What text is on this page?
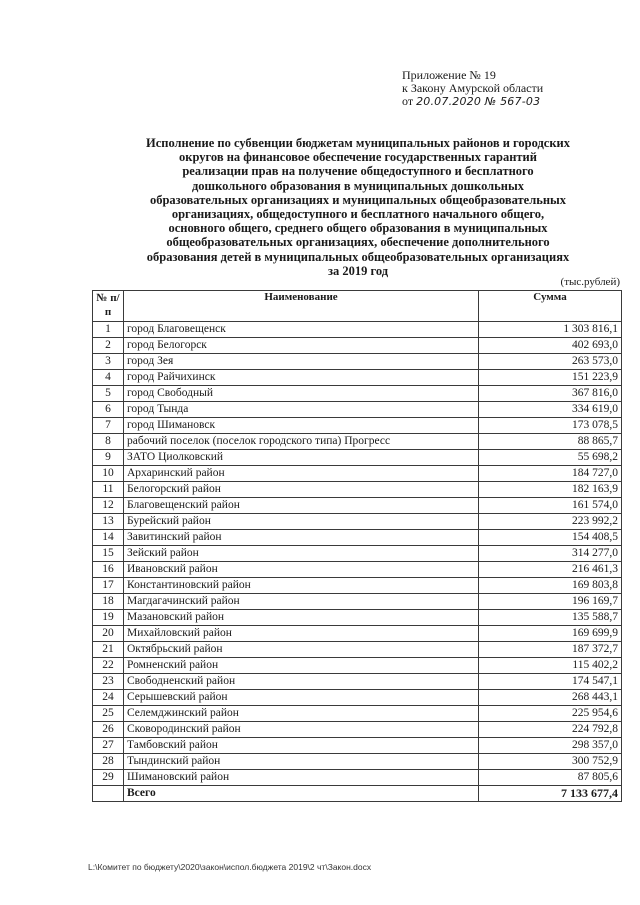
Приложение № 19
к Закону Амурской области
от 20.07.2020 № 567-03
Исполнение по субвенции бюджетам муниципальных районов и городских
округов на финансовое обеспечение государственных гарантий
реализации прав на получение общедоступного и бесплатного
дошкольного образования в муниципальных дошкольных
образовательных организациях и муниципальных общеобразовательных
организациях, общедоступного и бесплатного начального общего,
основного общего, среднего общего образования в муниципальных
общеобразовательных организациях, обеспечение дополнительного
образования детей в муниципальных общеобразовательных организациях
за 2019 год
(тыс.рублей)
№ п/п	Наименование	Сумма
1	город Благовещенск	1 303 816,1
2	город Белогорск	402 693,0
3	город Зея	263 573,0
4	город Райчихинск	151 223,9
5	город Свободный	367 816,0
6	город Тында	334 619,0
7	город Шимановск	173 078,5
8	рабочий поселок (поселок городского типа) Прогресс	88 865,7
9	ЗАТО Циолковский	55 698,2
10	Архаринский район	184 727,0
11	Белогорский район	182 163,9
12	Благовещенский район	161 574,0
13	Бурейский район	223 992,2
14	Завитинский район	154 408,5
15	Зейский район	314 277,0
16	Ивановский район	216 461,3
17	Константиновский район	169 803,8
18	Магдагачинский район	196 169,7
19	Мазановский район	135 588,7
20	Михайловский район	169 699,9
21	Октябрьский район	187 372,7
22	Ромненский район	115 402,2
23	Свободненский район	174 547,1
24	Серышевский район	268 443,1
25	Селемджинский район	225 954,6
26	Сковородинский район	224 792,8
27	Тамбовский район	298 357,0
28	Тындинский район	300 752,9
29	Шимановский район	87 805,6
	Всего	7 133 677,4
L:\Комитет по бюджету\2020\закон\испол.бюджета 2019\2 чт\Закон.docx
